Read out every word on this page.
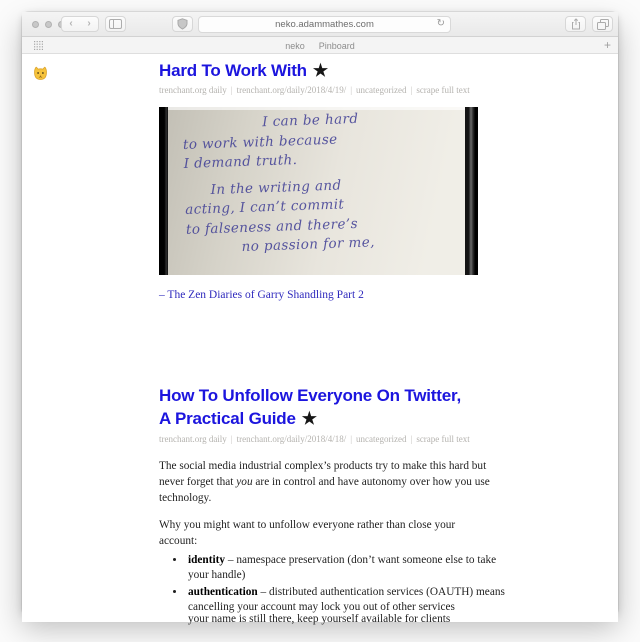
‹	›	neko.adammathes.com	↻
neko Pinboard	+
Hard To Work With ★
trenchant.org daily | trenchant.org/daily/2018/4/19/ | uncategorized | scrape full text
I can be hard
to work with because
I demand truth.
In the writing and
acting, I can’t commit
to falseness and there’s
no passion for me,
– The Zen Diaries of Garry Shandling Part 2
How To Unfollow Everyone On Twitter,
A Practical Guide ★
trenchant.org daily | trenchant.org/daily/2018/4/18/ | uncategorized | scrape full text
The social media industrial complex’s products try to make this hard but
never forget that you are in control and have autonomy over how you use
technology.
Why you might want to unfollow everyone rather than close your
account:
• identity – namespace preservation (don’t want someone else to take
your handle)
• authentication – distributed authentication services (OAUTH) means
cancelling your account may lock you out of other services
your name is still there, keep yourself available for clients
